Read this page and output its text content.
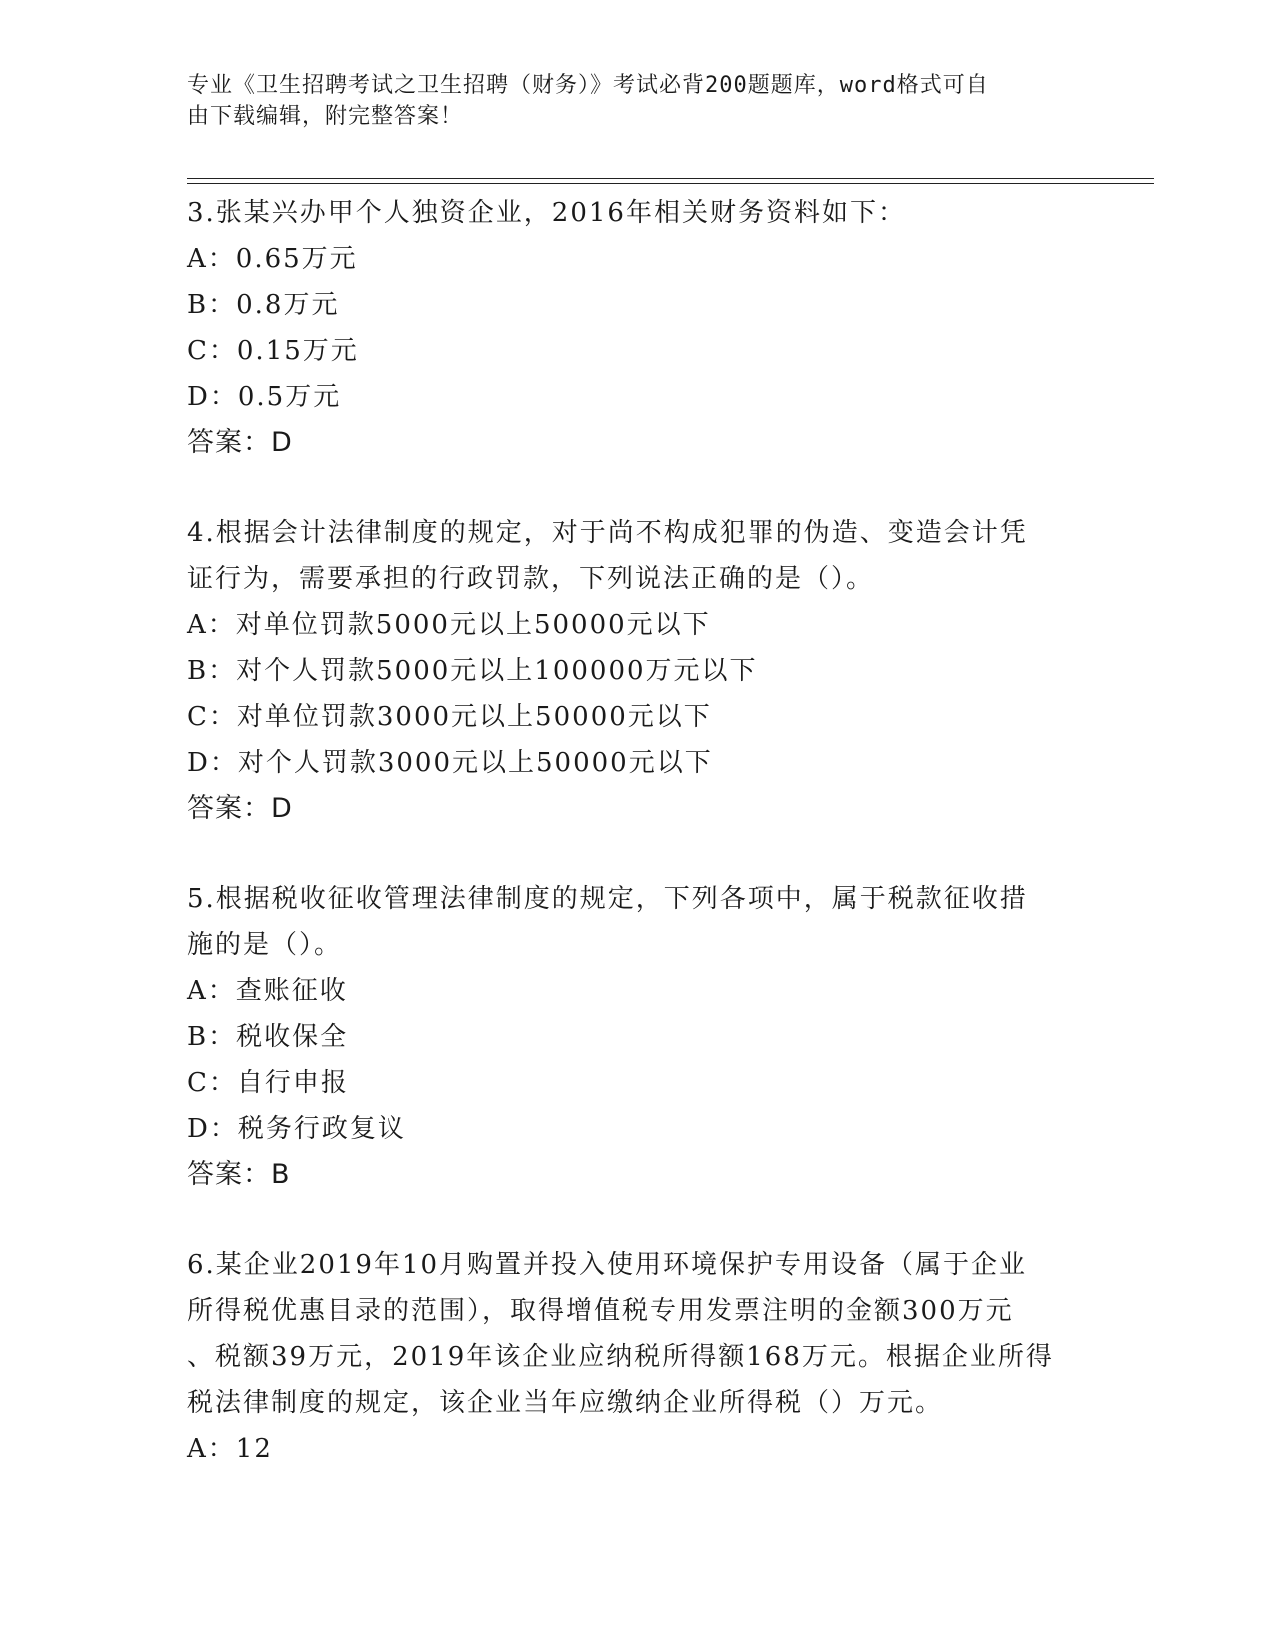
专业《卫生招聘考试之卫生招聘（财务）》考试必背200题题库，word格式可自
由下载编辑，附完整答案！
3.张某兴办甲个人独资企业，2016年相关财务资料如下：
A：0.65万元
B：0.8万元
C：0.15万元
D：0.5万元
答案：D
4.根据会计法律制度的规定，对于尚不构成犯罪的伪造、变造会计凭
证行为，需要承担的行政罚款，下列说法正确的是（）。
A：对单位罚款5000元以上50000元以下
B：对个人罚款5000元以上100000万元以下
C：对单位罚款3000元以上50000元以下
D：对个人罚款3000元以上50000元以下
答案：D
5.根据税收征收管理法律制度的规定，下列各项中，属于税款征收措
施的是（）。
A：查账征收
B：税收保全
C：自行申报
D：税务行政复议
答案：B
6.某企业2019年10月购置并投入使用环境保护专用设备（属于企业
所得税优惠目录的范围），取得增值税专用发票注明的金额300万元
、税额39万元，2019年该企业应纳税所得额168万元。根据企业所得
税法律制度的规定，该企业当年应缴纳企业所得税（）万元。
A：12
